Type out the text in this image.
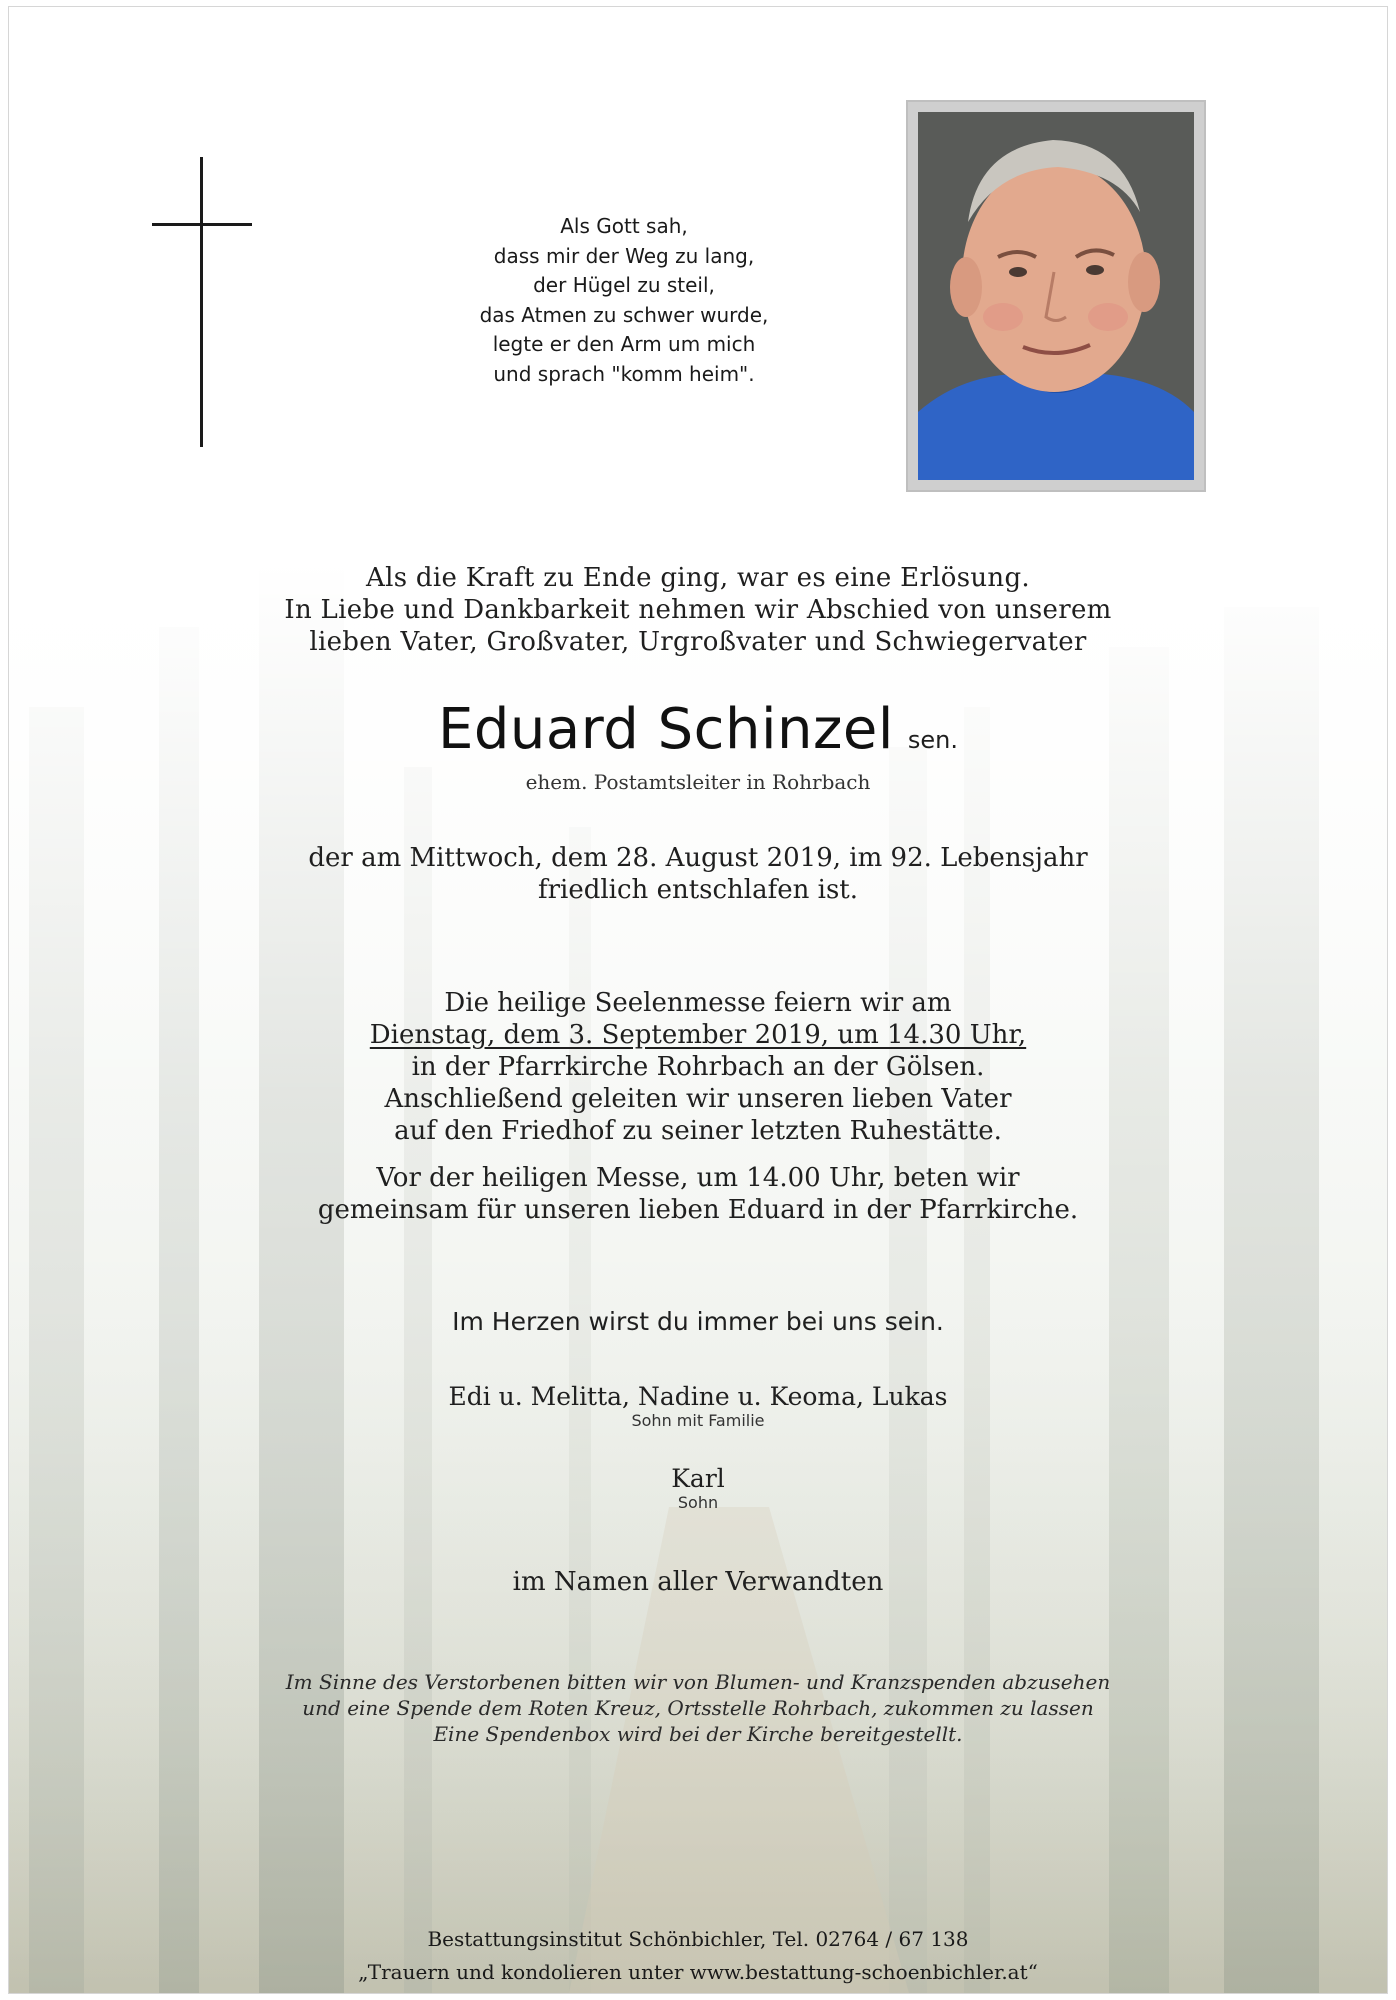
Als Gott sah,
dass mir der Weg zu lang,
der Hügel zu steil,
das Atmen zu schwer wurde,
legte er den Arm um mich
und sprach "komm heim".
Als die Kraft zu Ende ging, war es eine Erlösung.
In Liebe und Dankbarkeit nehmen wir Abschied von unserem
lieben Vater, Großvater, Urgroßvater und Schwiegervater
Eduard Schinzel sen.
ehem. Postamtsleiter in Rohrbach
der am Mittwoch, dem 28. August 2019, im 92. Lebensjahr
friedlich entschlafen ist.
Die heilige Seelenmesse feiern wir am
Dienstag, dem 3. September 2019, um 14.30 Uhr,
in der Pfarrkirche Rohrbach an der Gölsen.
Anschließend geleiten wir unseren lieben Vater
auf den Friedhof zu seiner letzten Ruhestätte.
Vor der heiligen Messe, um 14.00 Uhr, beten wir
gemeinsam für unseren lieben Eduard in der Pfarrkirche.
Im Herzen wirst du immer bei uns sein.
Edi u. Melitta, Nadine u. Keoma, Lukas
Sohn mit Familie
Karl
Sohn
im Namen aller Verwandten
Im Sinne des Verstorbenen bitten wir von Blumen- und Kranzspenden abzusehen
und eine Spende dem Roten Kreuz, Ortsstelle Rohrbach, zukommen zu lassen
Eine Spendenbox wird bei der Kirche bereitgestellt.
Bestattungsinstitut Schönbichler, Tel. 02764 / 67 138
„Trauern und kondolieren unter www.bestattung-schoenbichler.at“
